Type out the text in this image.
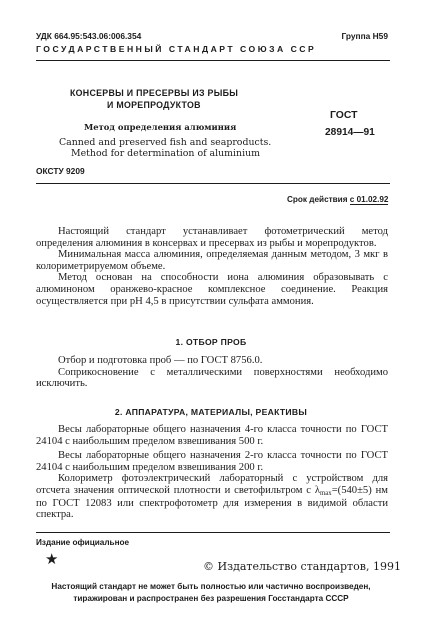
УДК 664.95:543.06:006.354	Группа Н59
ГОСУДАРСТВЕННЫЙ СТАНДАРТ СОЮЗА ССР
КОНСЕРВЫ И ПРЕСЕРВЫ ИЗ РЫБЫ
И МОРЕПРОДУКТОВ
Метод определения алюминия
Canned and preserved fish and seaproducts.
Method for determination of aluminium
ГОСТ
28914—91
ОКСТУ 9209
Срок действия с 01.02.92

Настоящий стандарт устанавливает фотометрический метод определения алюминия в консервах и пресервах из рыбы и морепродуктов.

Минимальная масса алюминия, определяемая данным методом, 3 мкг в колориметрируемом объеме.

Метод основан на способности иона алюминия образовывать с алюминоном оранжево-красное комплексное соединение. Реакция осуществляется при pH 4,5 в присутствии сульфата аммония.

1. ОТБОР ПРОБ

Отбор и подготовка проб — по ГОСТ 8756.0.

Соприкосновение с металлическими поверхностями необходимо исключить.

2. АППАРАТУРА, МАТЕРИАЛЫ, РЕАКТИВЫ

Весы лабораторные общего назначения 4-го класса точности по ГОСТ 24104 с наибольшим пределом взвешивания 500 г.

Весы лабораторные общего назначения 2-го класса точности по ГОСТ 24104 с наибольшим пределом взвешивания 200 г.

Колориметр фотоэлектрический лабораторный с устройством для отсчета значения оптической плотности и светофильтром с λmax=(540±5) нм по ГОСТ 12083 или спектрофотометр для измерения в видимой области спектра.

Издание официальное
★	© Издательство стандартов, 1991
Настоящий стандарт не может быть полностью или частично воспроизведен,
тиражирован и распространен без разрешения Госстандарта СССР
